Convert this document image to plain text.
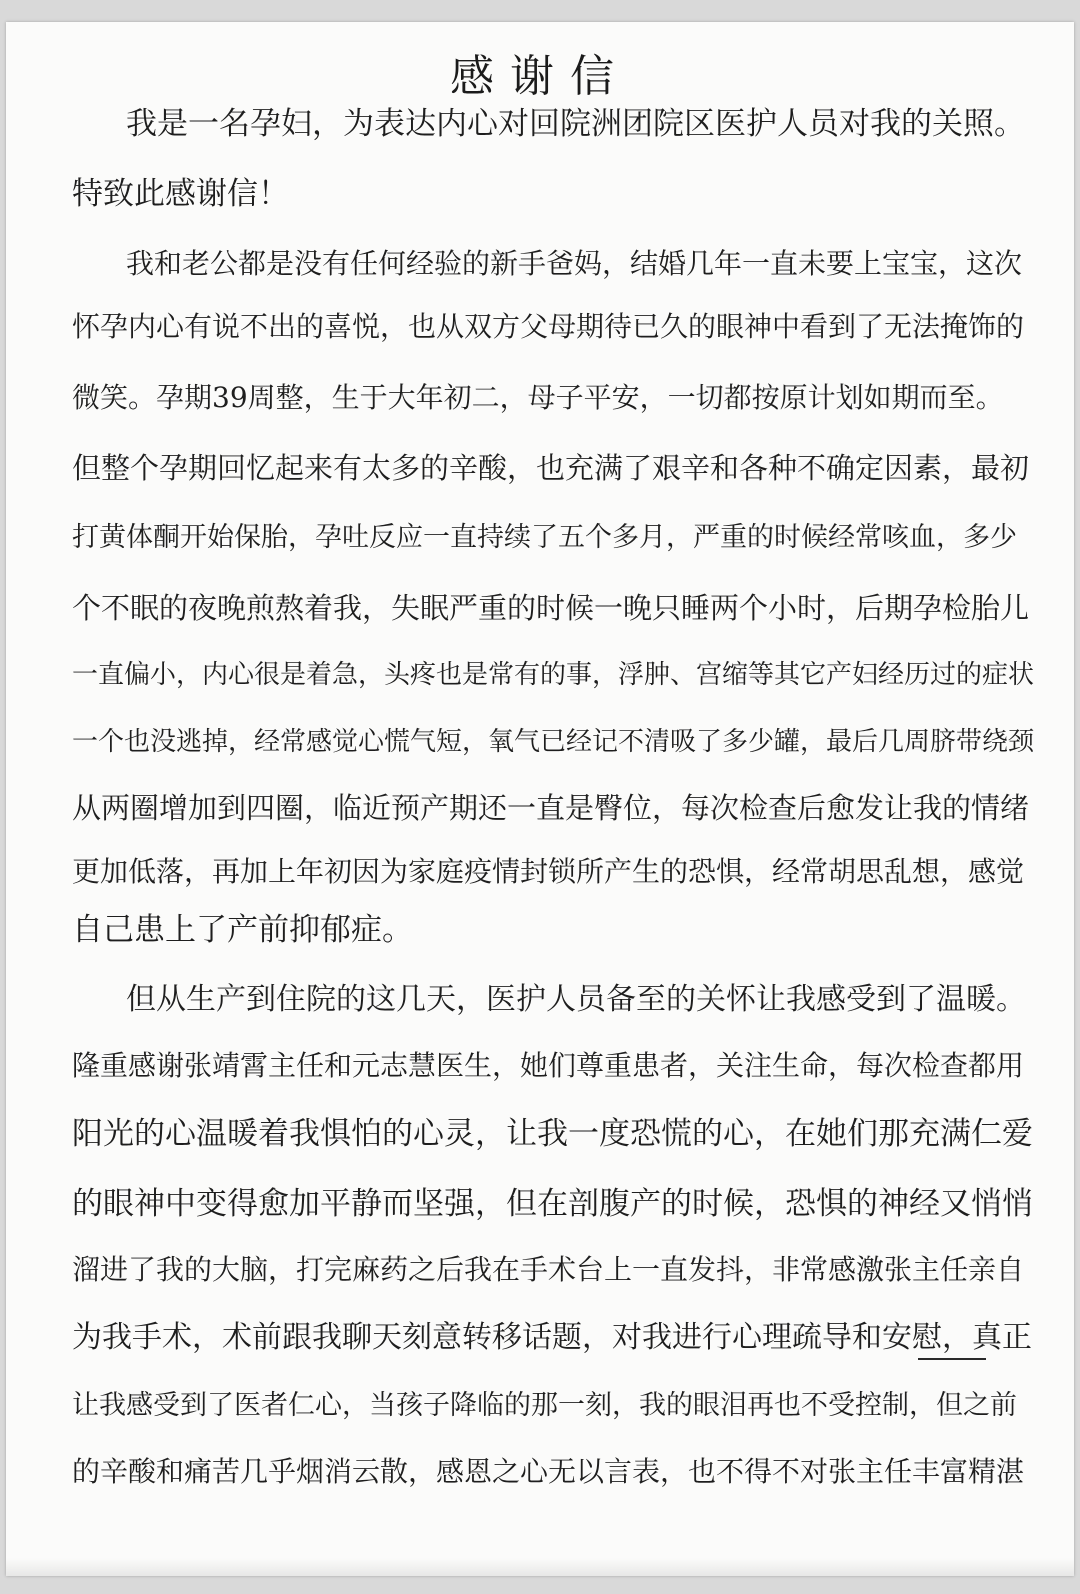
感谢信
我是一名孕妇，为表达内心对回院洲团院区医护人员对我的关照。
特致此感谢信！
我和老公都是没有任何经验的新手爸妈，结婚几年一直未要上宝宝，这次
怀孕内心有说不出的喜悦，也从双方父母期待已久的眼神中看到了无法掩饰的
微笑。孕期39周整，生于大年初二，母子平安，一切都按原计划如期而至。
但整个孕期回忆起来有太多的辛酸，也充满了艰辛和各种不确定因素，最初
打黄体酮开始保胎，孕吐反应一直持续了五个多月，严重的时候经常咳血，多少
个不眠的夜晚煎熬着我，失眠严重的时候一晚只睡两个小时，后期孕检胎儿
一直偏小，内心很是着急，头疼也是常有的事，浮肿、宫缩等其它产妇经历过的症状
一个也没逃掉，经常感觉心慌气短，氧气已经记不清吸了多少罐，最后几周脐带绕颈
从两圈增加到四圈，临近预产期还一直是臀位，每次检查后愈发让我的情绪
更加低落，再加上年初因为家庭疫情封锁所产生的恐惧，经常胡思乱想，感觉
自己患上了产前抑郁症。
但从生产到住院的这几天，医护人员备至的关怀让我感受到了温暖。
隆重感谢张靖霄主任和元志慧医生，她们尊重患者，关注生命，每次检查都用
阳光的心温暖着我惧怕的心灵，让我一度恐慌的心，在她们那充满仁爱
的眼神中变得愈加平静而坚强，但在剖腹产的时候，恐惧的神经又悄悄
溜进了我的大脑，打完麻药之后我在手术台上一直发抖，非常感激张主任亲自
为我手术，术前跟我聊天刻意转移话题，对我进行心理疏导和安慰，真正
让我感受到了医者仁心，当孩子降临的那一刻，我的眼泪再也不受控制，但之前
的辛酸和痛苦几乎烟消云散，感恩之心无以言表，也不得不对张主任丰富精湛
